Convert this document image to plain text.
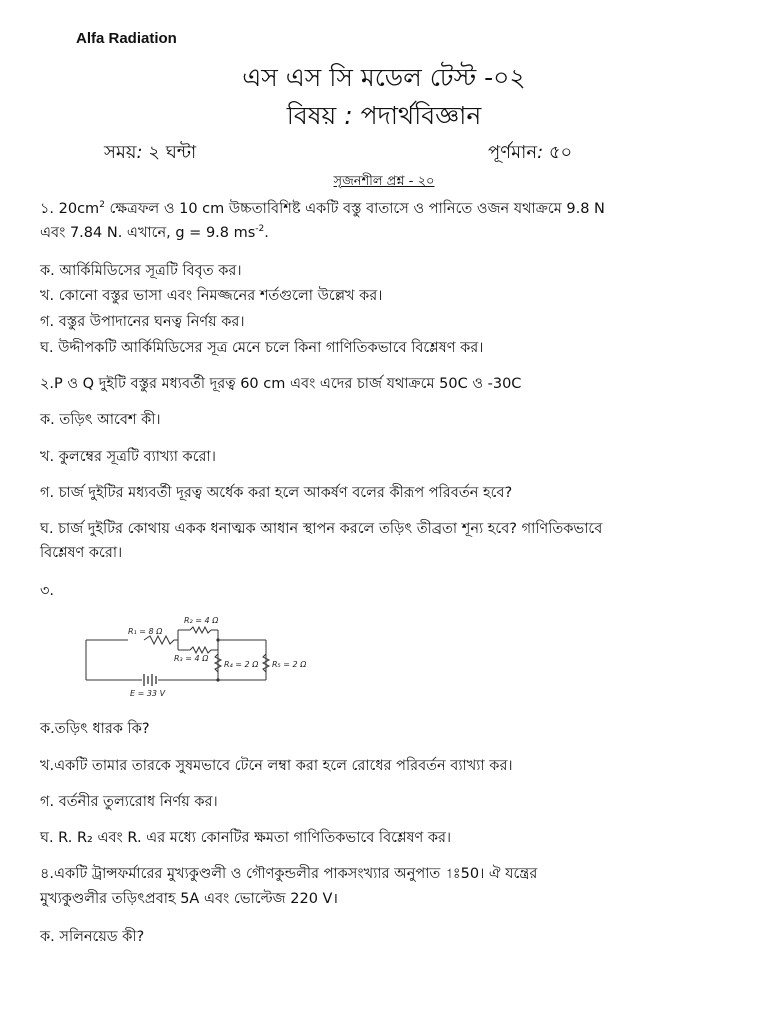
Alfa Radiation
এস এস সি মডেল টেস্ট -০২
বিষয় : পদার্থবিজ্ঞান
সময়: ২ ঘন্টা	পূর্ণমান: ৫০
সৃজনশীল প্রশ্ন - ২০
১. $20cm^2$ ক্ষেত্রফল ও 10 cm উচ্চতাবিশিষ্ট একটি বস্তু বাতাসে ও পানিতে ওজন যথাক্রমে 9.8 N
এবং 7.84 N. এখানে, g = 9.8 $ms^{-2}$.
ক. আর্কিমিডিসের সূত্রটি বিবৃত কর।
খ. কোনো বস্তুর ভাসা এবং নিমজ্জনের শর্তগুলো উল্লেখ কর।
গ. বস্তুর উপাদানের ঘনত্ব নির্ণয় কর।
ঘ. উদ্দীপকটি আর্কিমিডিসের সূত্র মেনে চলে কিনা গাণিতিকভাবে বিশ্লেষণ কর।
২.P ও Q দুইটি বস্তুর মধ্যবর্তী দূরত্ব 60 cm এবং এদের চার্জ যথাক্রমে 50C ও -30C
ক. তড়িৎ আবেশ কী।
খ. কুলম্বের সূত্রটি ব্যাখ্যা করো।
গ. চার্জ দুইটির মধ্যবর্তী দূরত্ব অর্ধেক করা হলে আকর্ষণ বলের কীরূপ পরিবর্তন হবে?
ঘ. চার্জ দুইটির কোথায় একক ধনাত্মক আধান স্থাপন করলে তড়িৎ তীব্রতা শূন্য হবে? গাণিতিকভাবে
বিশ্লেষণ করো।
৩.
R₁ = 8 Ω
R₂ = 4 Ω
R₃ = 4 Ω
R₄ = 2 Ω R₅ = 2 Ω
E = 33 V
ক.তড়িৎ ধারক কি?
খ.একটি তামার তারকে সুষমভাবে টেনে লম্বা করা হলে রোধের পরিবর্তন ব্যাখ্যা কর।
গ. বর্তনীর তুল্যরোধ নির্ণয় কর।
ঘ. R. R₂ এবং R. এর মধ্যে কোনটির ক্ষমতা গাণিতিকভাবে বিশ্লেষণ কর।
৪.একটি ট্রান্সফর্মারের মুখ্যকুণ্ডলী ও গৌণকুন্ডলীর পাকসংখ্যার অনুপাত 1ঃ50। ঐ যন্ত্রের
মুখ্যকুণ্ডলীর তড়িৎপ্রবাহ 5A এবং ভোল্টেজ 220 V।
ক. সলিনয়েড কী?
